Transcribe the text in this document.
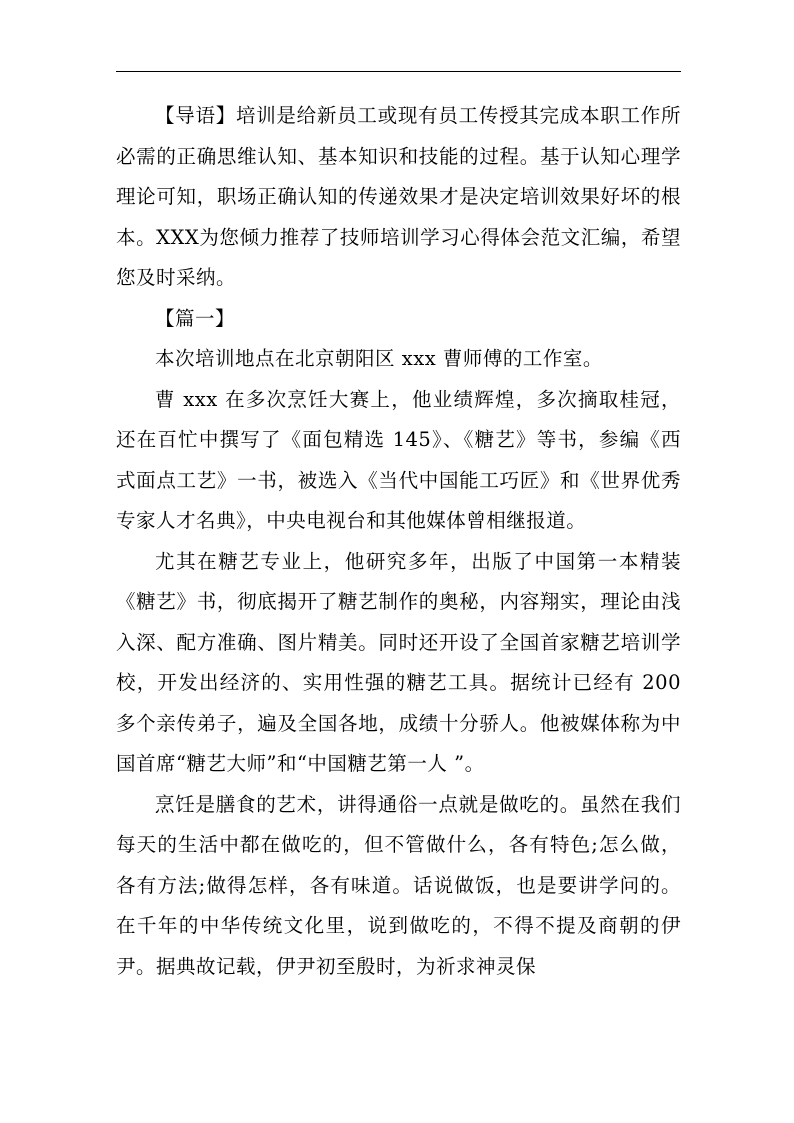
【导语】培训是给新员工或现有员工传授其完成本职工作所必需的正确思维认知、基本知识和技能的过程。基于认知心理学理论可知，职场正确认知的传递效果才是决定培训效果好坏的根本。XXX为您倾力推荐了技师培训学习心得体会范文汇编，希望您及时采纳。

【篇一】

本次培训地点在北京朝阳区 xxx 曹师傅的工作室。

曹 xxx 在多次烹饪大赛上，他业绩辉煌，多次摘取桂冠，还在百忙中撰写了《面包精选 145》、《糖艺》等书，参编《西式面点工艺》一书，被选入《当代中国能工巧匠》和《世界优秀专家人才名典》，中央电视台和其他媒体曾相继报道。

尤其在糖艺专业上，他研究多年，出版了中国第一本精装《糖艺》书，彻底揭开了糖艺制作的奥秘，内容翔实，理论由浅入深、配方准确、图片精美。同时还开设了全国首家糖艺培训学校，开发出经济的、实用性强的糖艺工具。据统计已经有 200 多个亲传弟子，遍及全国各地，成绩十分骄人。他被媒体称为中国首席“糖艺大师”和“中国糖艺第一人 ”。

烹饪是膳食的艺术，讲得通俗一点就是做吃的。虽然在我们每天的生活中都在做吃的，但不管做什么，各有特色;怎么做，各有方法;做得怎样，各有味道。话说做饭，也是要讲学问的。在千年的中华传统文化里，说到做吃的，不得不提及商朝的伊尹。据典故记载，伊尹初至殷时，为祈求神灵保
